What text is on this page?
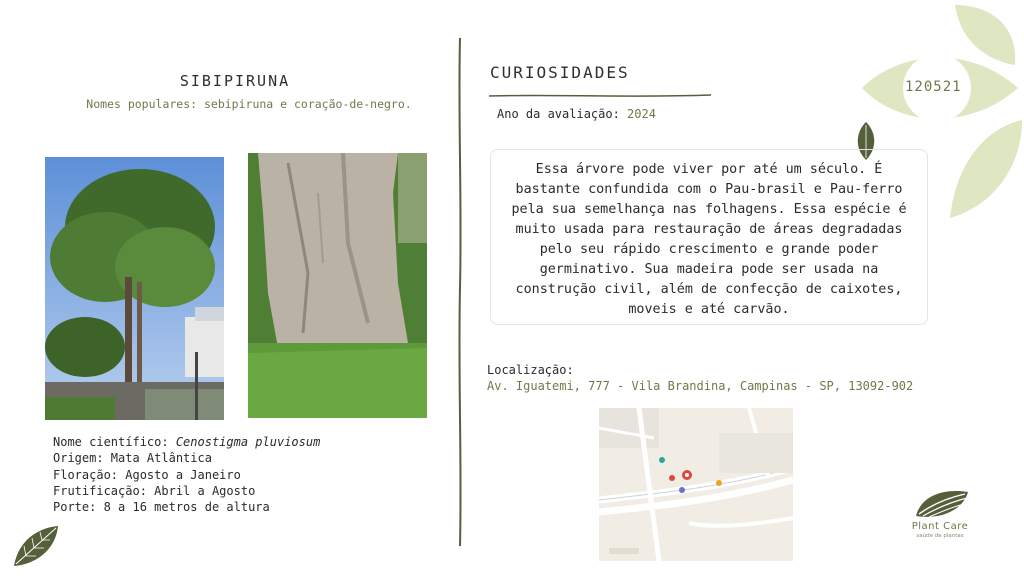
SIBIPIRUNA
Nomes populares: sebipiruna e coração-de-negro.
Nome científico: Cenostigma pluviosum
Origem: Mata Atlântica
Floração: Agosto a Janeiro
Frutificação: Abril a Agosto
Porte: 8 a 16 metros de altura
CURIOSIDADES
Ano da avaliação: 2024
Essa árvore pode viver por até um século. É bastante confundida com o Pau-brasil e Pau-ferro pela sua semelhança nas folhagens. Essa espécie é muito usada para restauração de áreas degradadas pelo seu rápido crescimento e grande poder germinativo. Sua madeira pode ser usada na construção civil, além de confecção de caixotes, moveis e até carvão.
Localização:
Av. Iguatemi, 777 - Vila Brandina, Campinas - SP, 13092-902
120521
Plant Care
saúde de plantas
